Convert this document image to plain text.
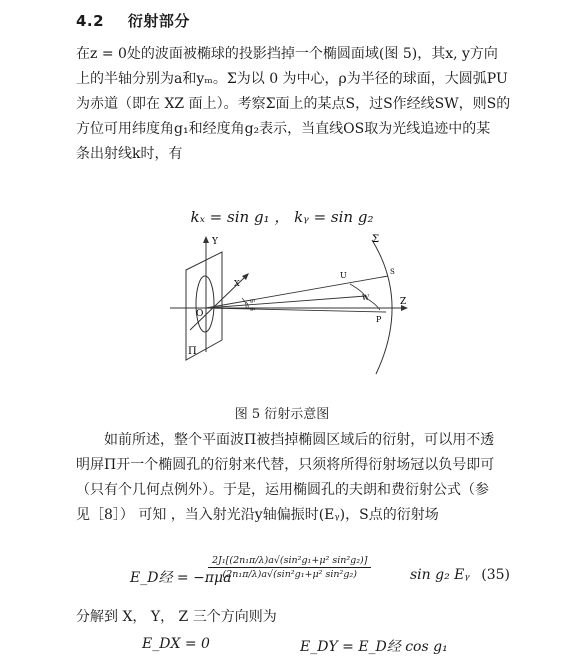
4.2 衍射部分
在z = 0处的波面被椭球的投影挡掉一个椭圆面域(图 5)，其x, y方向
上的半轴分别为a和yₘ。Σ为以 0 为中心，ρ为半径的球面，大圆弧PU
为赤道（即在 XZ 面上）。考察Σ面上的某点S，过S作经线SW，则S的
方位可用纬度角g₁和经度角g₂表示，当直线OS取为光线追迹中的某
条出射线k时，有
kₓ = sin g₁ ， kᵧ = sin g₂
Y
X
Z
O
Σ
U
W
P
S
Π
g₁
g₂
图 5 衍射示意图
如前所述，整个平面波Π被挡掉椭圆区域后的衍射，可以用不透
明屏Π开一个椭圆孔的衍射来代替，只须将所得衍射场冠以负号即可
（只有个几何点例外）。于是，运用椭圆孔的夫朗和费衍射公式（参
见［8］） 可知 ，当入射光沿y轴偏振时(Eᵧ)，S点的衍射场
E_D经 = −πμa
$\frac{\text{2J₁[(2n₁π/λ)a√(sin²g₁+μ² sin²g₂)]}}{\text{(2n₁π/λ)a√(sin²g₁+μ² sin²g₂)}}$	sin g₂ Eᵧ (35)
分解到 X， Y， Z 三个方向则为
E_DX = 0	E_DY = E_D经 cos g₁
